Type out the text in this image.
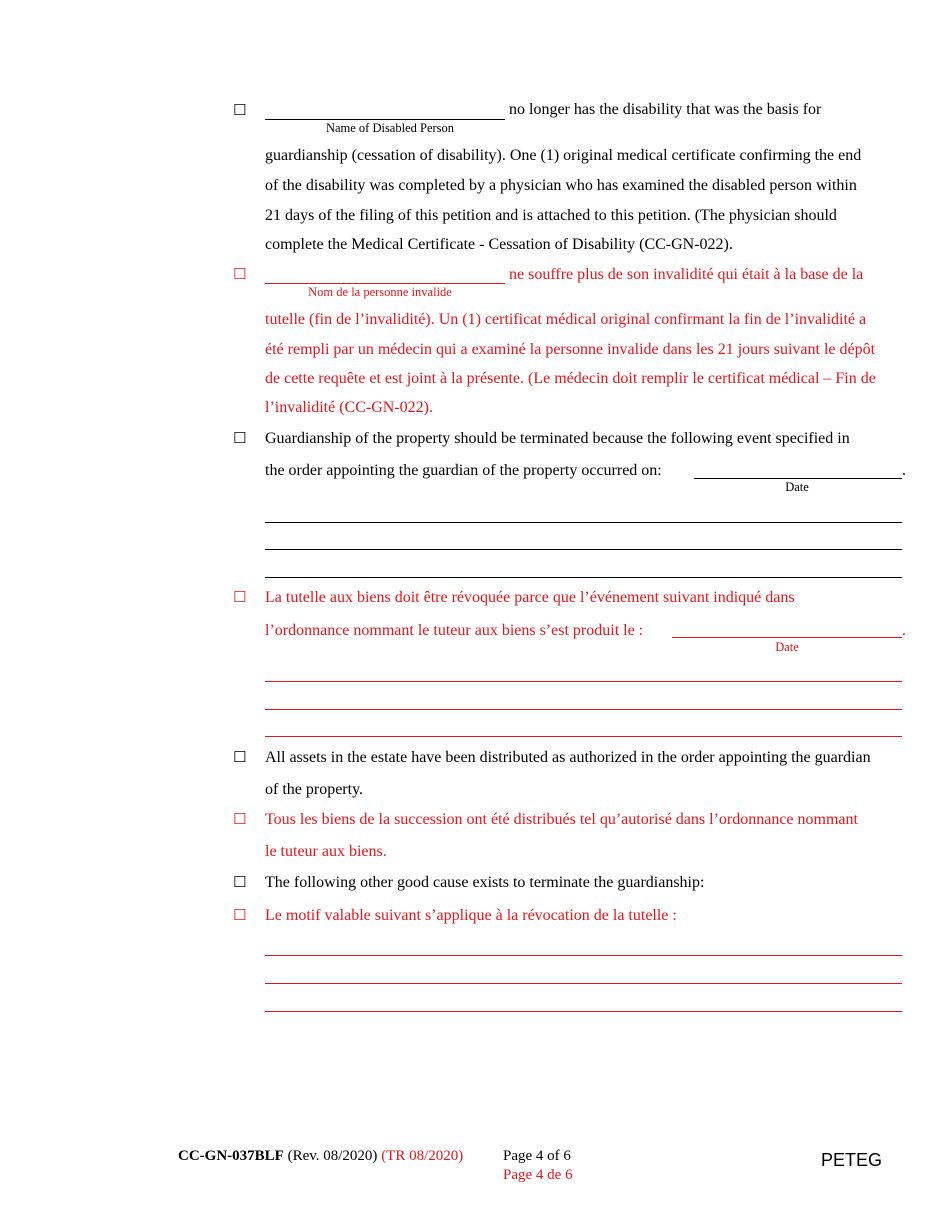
☐	no longer has the disability that was the basis for
Name of Disabled Person
guardianship (cessation of disability). One (1) original medical certificate confirming the end
of the disability was completed by a physician who has examined the disabled person within
21 days of the filing of this petition and is attached to this petition. (The physician should
complete the Medical Certificate - Cessation of Disability (CC-GN-022).
☐	ne souffre plus de son invalidité qui était à la base de la
Nom de la personne invalide
tutelle (fin de l’invalidité). Un (1) certificat médical original confirmant la fin de l’invalidité a
été rempli par un médecin qui a examiné la personne invalide dans les 21 jours suivant le dépôt
de cette requête et est joint à la présente. (Le médecin doit remplir le certificat médical – Fin de
l’invalidité (CC-GN-022).
☐ Guardianship of the property should be terminated because the following event specified in
the order appointing the guardian of the property occurred on:	.
Date
☐ La tutelle aux biens doit être révoquée parce que l’événement suivant indiqué dans
l’ordonnance nommant le tuteur aux biens s’est produit le :	.
Date
☐ All assets in the estate have been distributed as authorized in the order appointing the guardian
of the property.
☐ Tous les biens de la succession ont été distribués tel qu’autorisé dans l’ordonnance nommant
le tuteur aux biens.
☐ The following other good cause exists to terminate the guardianship:
☐ Le motif valable suivant s’applique à la révocation de la tutelle :
CC-GN-037BLF (Rev. 08/2020) (TR 08/2020)	Page 4 of 6
Page 4 de 6
PETEG
